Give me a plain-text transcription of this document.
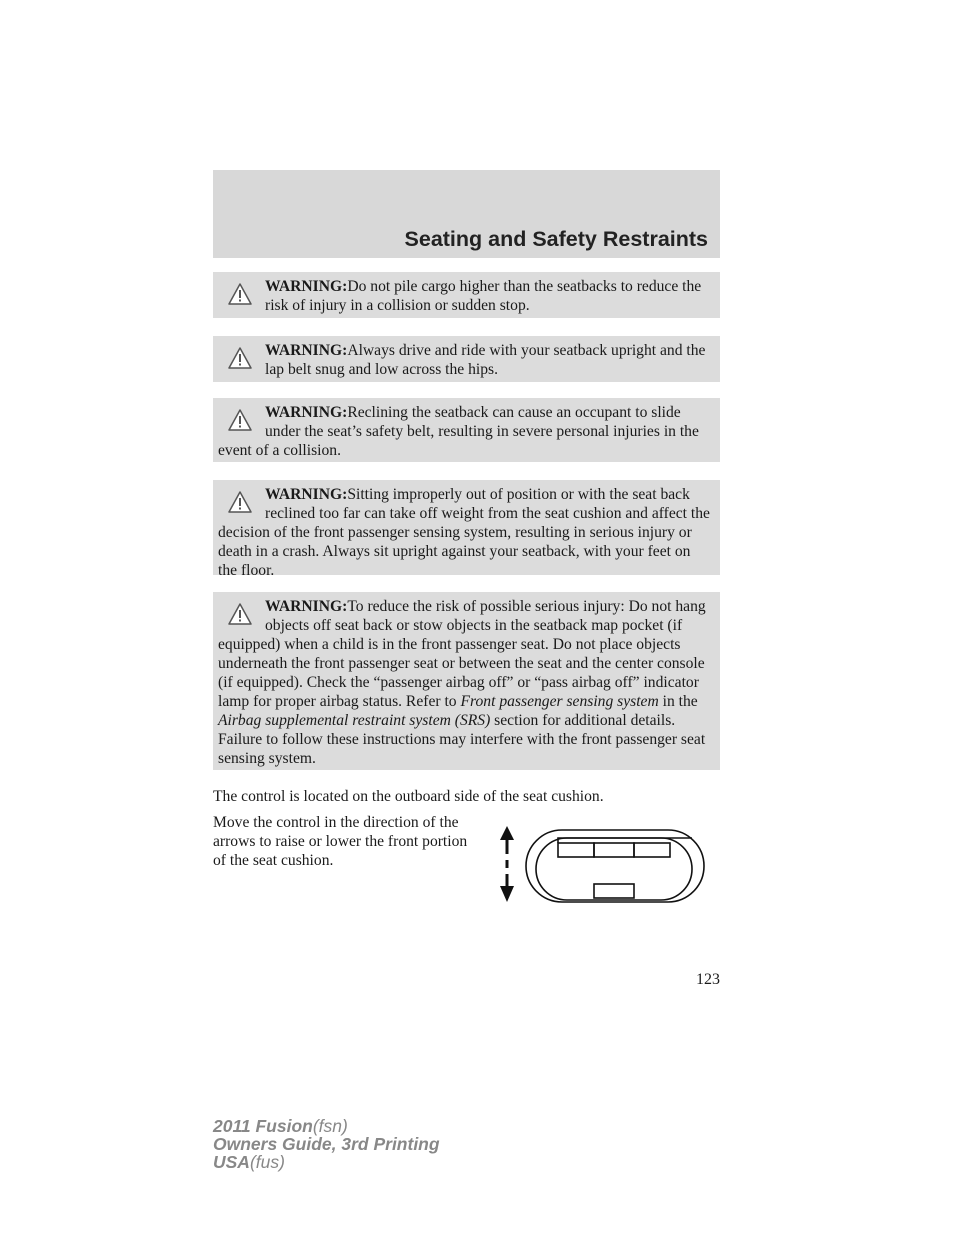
Seating and Safety Restraints

WARNING:Do not pile cargo higher than the seatbacks to reduce the risk of injury in a collision or sudden stop.

WARNING:Always drive and ride with your seatback upright and the lap belt snug and low across the hips.

WARNING:Reclining the seatback can cause an occupant to slide under the seat’s safety belt, resulting in severe personal injuries in the event of a collision.

WARNING:Sitting improperly out of position or with the seat back reclined too far can take off weight from the seat cushion and affect the decision of the front passenger sensing system, resulting in serious injury or death in a crash. Always sit upright against your seatback, with your feet on the floor.

WARNING:To reduce the risk of possible serious injury: Do not hang objects off seat back or stow objects in the seatback map pocket (if equipped) when a child is in the front passenger seat. Do not place objects underneath the front passenger seat or between the seat and the center console (if equipped). Check the “passenger airbag off” or “pass airbag off” indicator lamp for proper airbag status. Refer to Front passenger sensing system in the Airbag supplemental restraint system (SRS) section for additional details. Failure to follow these instructions may interfere with the front passenger seat sensing system.

The control is located on the outboard side of the seat cushion.

Move the control in the direction of the arrows to raise or lower the front portion of the seat cushion.

123
2011 Fusion(fsn)
Owners Guide, 3rd Printing
USA(fus)
